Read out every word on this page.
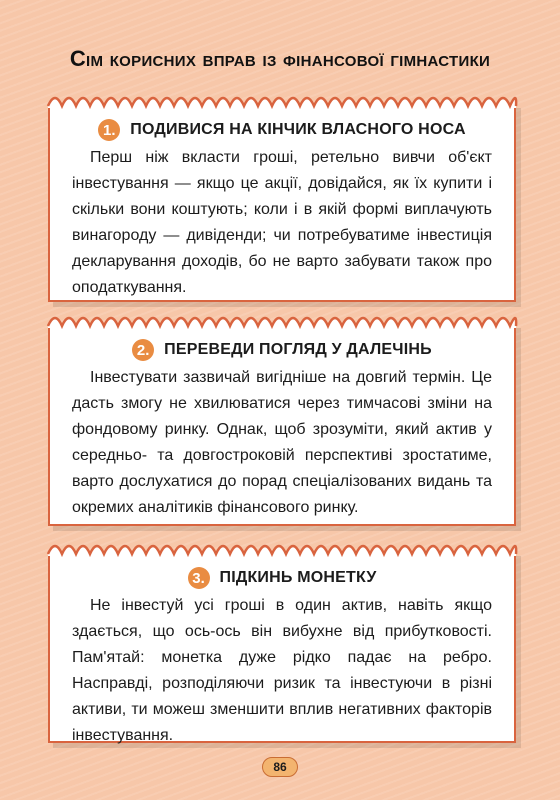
Сім корисних вправ із фінансової гімнастики
1. ПОДИВИСЯ НА КІНЧИК ВЛАСНОГО НОСА

Перш ніж вкласти гроші, ретельно вивчи об'єкт інвестування — якщо це акції, довідайся, як їх купити і скільки вони коштують; коли і в якій формі виплачують винагороду — дивіденди; чи потребуватиме інвестиція декларування доходів, бо не варто забувати також про оподаткування.

2. ПЕРЕВЕДИ ПОГЛЯД У ДАЛЕЧІНЬ

Інвестувати зазвичай вигідніше на довгий термін. Це дасть змогу не хвилюватися через тимчасові зміни на фондовому ринку. Однак, щоб зрозуміти, який актив у середньо- та довгостроковій перспективі зростатиме, варто дослухатися до порад спеціалізованих видань та окремих аналітиків фінансового ринку.

3. ПІДКИНЬ МОНЕТКУ

Не інвестуй усі гроші в один актив, навіть якщо здається, що ось-ось він вибухне від прибутковості. Пам'ятай: монетка дуже рідко падає на ребро. Насправді, розподіляючи ризик та інвестуючи в різні активи, ти можеш зменшити вплив негативних факторів інвестування.

86
